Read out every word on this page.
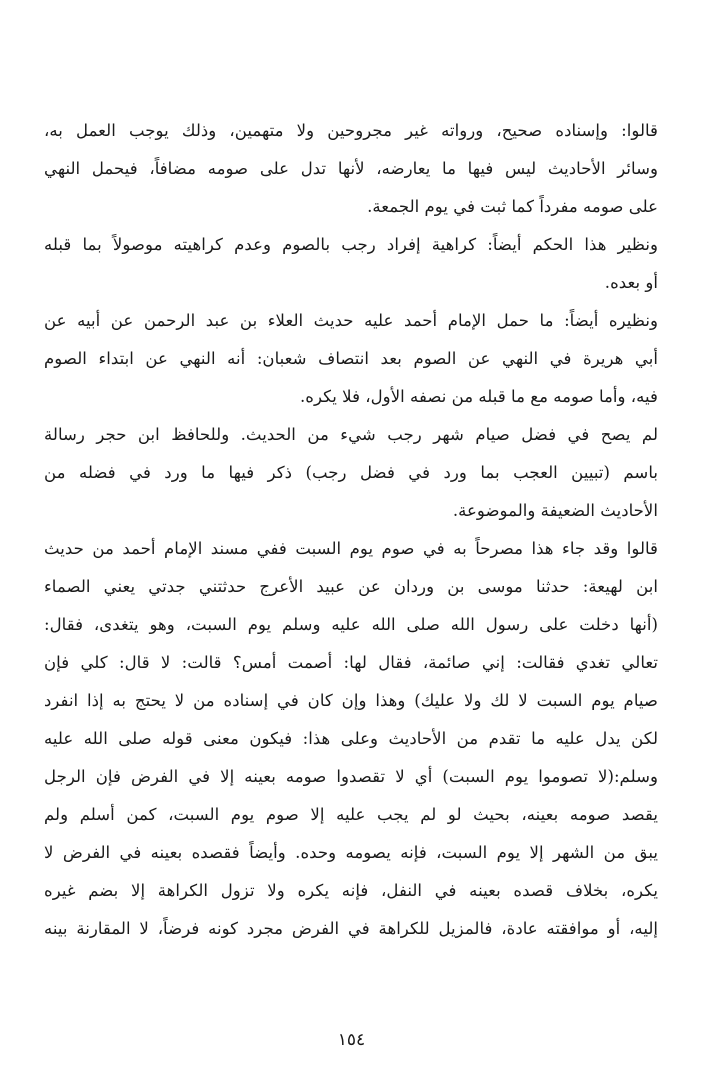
قالوا: وإسناده صحيح، ورواته غير مجروحين ولا متهمين، وذلك يوجب العمل به،
وسائر الأحاديث ليس فيها ما يعارضه، لأنها تدل على صومه مضافاً، فيحمل النهي
على صومه مفرداً كما ثبت في يوم الجمعة.
ونظير هذا الحكم أيضاً: كراهية إفراد رجب بالصوم وعدم كراهيته موصولاً بما قبله
أو بعده.
ونظيره أيضاً: ما حمل الإمام أحمد عليه حديث العلاء بن عبد الرحمن عن أبيه عن
أبي هريرة في النهي عن الصوم بعد انتصاف شعبان: أنه النهي عن ابتداء الصوم
فيه، وأما صومه مع ما قبله من نصفه الأول، فلا يكره.
لم يصح في فضل صيام شهر رجب شيء من الحديث. وللحافظ ابن حجر رسالة
باسم (تبيين العجب بما ورد في فضل رجب) ذكر فيها ما ورد في فضله من
الأحاديث الضعيفة والموضوعة.
قالوا وقد جاء هذا مصرحاً به في صوم يوم السبت ففي مسند الإمام أحمد من حديث
ابن لهيعة: حدثنا موسى بن وردان عن عبيد الأعرج حدثتني جدتي يعني الصماء
(أنها دخلت على رسول الله صلى الله عليه وسلم يوم السبت، وهو يتغدى، فقال:
تعالي تغدي فقالت: إني صائمة، فقال لها: أصمت أمس؟ قالت: لا قال: كلي فإن
صيام يوم السبت لا لك ولا عليك) وهذا وإن كان في إسناده من لا يحتج به إذا انفرد
لكن يدل عليه ما تقدم من الأحاديث وعلى هذا: فيكون معنى قوله صلى الله عليه
وسلم:(لا تصوموا يوم السبت) أي لا تقصدوا صومه بعينه إلا في الفرض فإن الرجل
يقصد صومه بعينه، بحيث لو لم يجب عليه إلا صوم يوم السبت، كمن أسلم ولم
يبق من الشهر إلا يوم السبت، فإنه يصومه وحده. وأيضاً فقصده بعينه في الفرض لا
يكره، بخلاف قصده بعينه في النفل، فإنه يكره ولا تزول الكراهة إلا بضم غيره
إليه، أو موافقته عادة، فالمزيل للكراهة في الفرض مجرد كونه فرضاً، لا المقارنة بينه
١٥٤
